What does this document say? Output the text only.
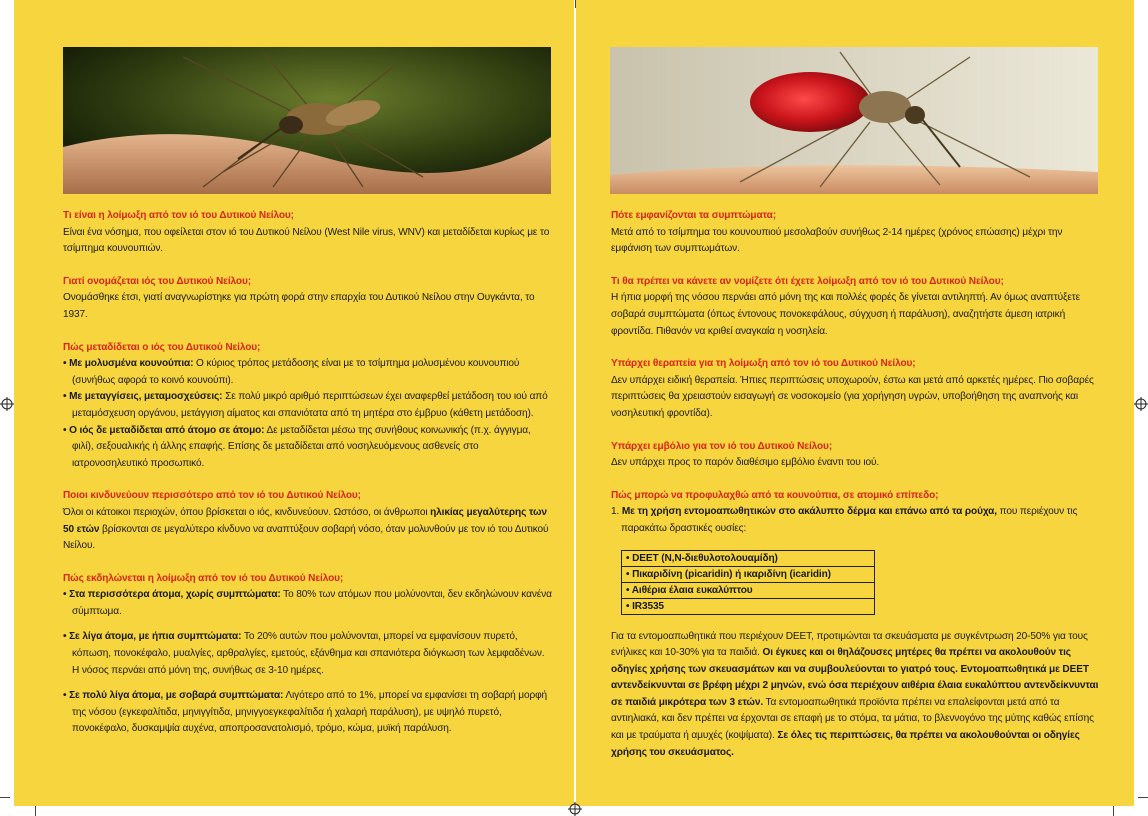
Τι είναι η λοίμωξη από τον ιό του Δυτικού Νείλου;
Είναι ένα νόσημα, που οφείλεται στον ιό του Δυτικού Νείλου (West Nile virus, WNV) και μεταδίδεται κυρίως με το τσίμπημα κουνουπιών.
Γιατί ονομάζεται ιός του Δυτικού Νείλου;
Ονομάσθηκε έτσι, γιατί αναγνωρίστηκε για πρώτη φορά στην επαρχία του Δυτικού Νείλου στην Ουγκάντα, το 1937.
Πώς μεταδίδεται ο ιός του Δυτικού Νείλου;
• Με μολυσμένα κουνούπια: Ο κύριος τρόπος μετάδοσης είναι με το τσίμπημα μολυσμένου κουνουπιού (συνήθως αφορά το κοινό κουνούπι).
• Με μεταγγίσεις, μεταμοσχεύσεις: Σε πολύ μικρό αριθμό περιπτώσεων έχει αναφερθεί μετάδοση του ιού από μεταμόσχευση οργάνου, μετάγγιση αίματος και σπανιότατα από τη μητέρα στο έμβρυο (κάθετη μετάδοση).
• Ο ιός δε μεταδίδεται από άτομο σε άτομο: Δε μεταδίδεται μέσω της συνήθους κοινωνικής (π.χ. άγγιγμα, φιλί), σεξουαλικής ή άλλης επαφής. Επίσης δε μεταδίδεται από νοσηλευόμενους ασθενείς στο ιατρονοσηλευτικό προσωπικό.
Ποιοι κινδυνεύουν περισσότερο από τον ιό του Δυτικού Νείλου;
Όλοι οι κάτοικοι περιοχών, όπου βρίσκεται ο ιός, κινδυνεύουν. Ωστόσο, οι άνθρωποι ηλικίας μεγαλύτερης των 50 ετών βρίσκονται σε μεγαλύτερο κίνδυνο να αναπτύξουν σοβαρή νόσο, όταν μολυνθούν με τον ιό του Δυτικού Νείλου.
Πώς εκδηλώνεται η λοίμωξη από τον ιό του Δυτικού Νείλου;
• Στα περισσότερα άτομα, χωρίς συμπτώματα: Το 80% των ατόμων που μολύνονται, δεν εκδηλώνουν κανένα σύμπτωμα.
• Σε λίγα άτομα, με ήπια συμπτώματα: Το 20% αυτών που μολύνονται, μπορεί να εμφανίσουν πυρετό, κόπωση, πονοκέφαλο, μυαλγίες, αρθραλγίες, εμετούς, εξάνθημα και σπανιότερα διόγκωση των λεμφαδένων. Η νόσος περνάει από μόνη της, συνήθως σε 3-10 ημέρες.
• Σε πολύ λίγα άτομα, με σοβαρά συμπτώματα: Λιγότερο από το 1%, μπορεί να εμφανίσει τη σοβαρή μορφή της νόσου (εγκεφαλίτιδα, μηνιγγίτιδα, μηνιγγοεγκεφαλίτιδα ή χαλαρή παράλυση), με υψηλό πυρετό, πονοκέφαλο, δυσκαμψία αυχένα, αποπροσανατολισμό, τρόμο, κώμα, μυϊκή παράλυση.
Πότε εμφανίζονται τα συμπτώματα;
Μετά από το τσίμπημα του κουνουπιού μεσολαβούν συνήθως 2-14 ημέρες (χρόνος επώασης) μέχρι την εμφάνιση των συμπτωμάτων.
Τι θα πρέπει να κάνετε αν νομίζετε ότι έχετε λοίμωξη από τον ιό του Δυτικού Νείλου;
Η ήπια μορφή της νόσου περνάει από μόνη της και πολλές φορές δε γίνεται αντιληπτή. Αν όμως αναπτύξετε σοβαρά συμπτώματα (όπως έντονους πονοκεφάλους, σύγχυση ή παράλυση), αναζητήστε άμεση ιατρική φροντίδα. Πιθανόν να κριθεί αναγκαία η νοσηλεία.
Υπάρχει θεραπεία για τη λοίμωξη από τον ιό του Δυτικού Νείλου;
Δεν υπάρχει ειδική θεραπεία. Ήπιες περιπτώσεις υποχωρούν, έστω και μετά από αρκετές ημέρες. Πιο σοβαρές περιπτώσεις θα χρειαστούν εισαγωγή σε νοσοκομείο (για χορήγηση υγρών, υποβοήθηση της αναπνοής και νοσηλευτική φροντίδα).
Υπάρχει εμβόλιο για τον ιό του Δυτικού Νείλου;
Δεν υπάρχει προς το παρόν διαθέσιμο εμβόλιο έναντι του ιού.
Πώς μπορώ να προφυλαχθώ από τα κουνούπια, σε ατομικό επίπεδο;
1. Με τη χρήση εντομοαπωθητικών στο ακάλυπτο δέρμα και επάνω από τα ρούχα, που περιέχουν τις παρακάτω δραστικές ουσίες:
• DEET (N,N-διεθυλοτολουαμίδη)
• Πικαριδίνη (picaridin) ή ικαριδίνη (icaridin)
• Αιθέρια έλαια ευκαλύπτου
• IR3535
Για τα εντομοαπωθητικά που περιέχουν DEET, προτιμώνται τα σκευάσματα με συγκέντρωση 20-50% για τους ενήλικες και 10-30% για τα παιδιά. Οι έγκυες και οι θηλάζουσες μητέρες θα πρέπει να ακολουθούν τις οδηγίες χρήσης των σκευασμάτων και να συμβουλεύονται το γιατρό τους. Εντομοαπωθητικά με DEET αντενδείκνυνται σε βρέφη μέχρι 2 μηνών, ενώ όσα περιέχουν αιθέρια έλαια ευκαλύπτου αντενδείκνυνται σε παιδιά μικρότερα των 3 ετών. Τα εντομοαπωθητικά προϊόντα πρέπει να επαλείφονται μετά από τα αντιηλιακά, και δεν πρέπει να έρχονται σε επαφή με το στόμα, τα μάτια, το βλεννογόνο της μύτης καθώς επίσης και με τραύματα ή αμυχές (κοψίματα). Σε όλες τις περιπτώσεις, θα πρέπει να ακολουθούνται οι οδηγίες χρήσης του σκευάσματος.
